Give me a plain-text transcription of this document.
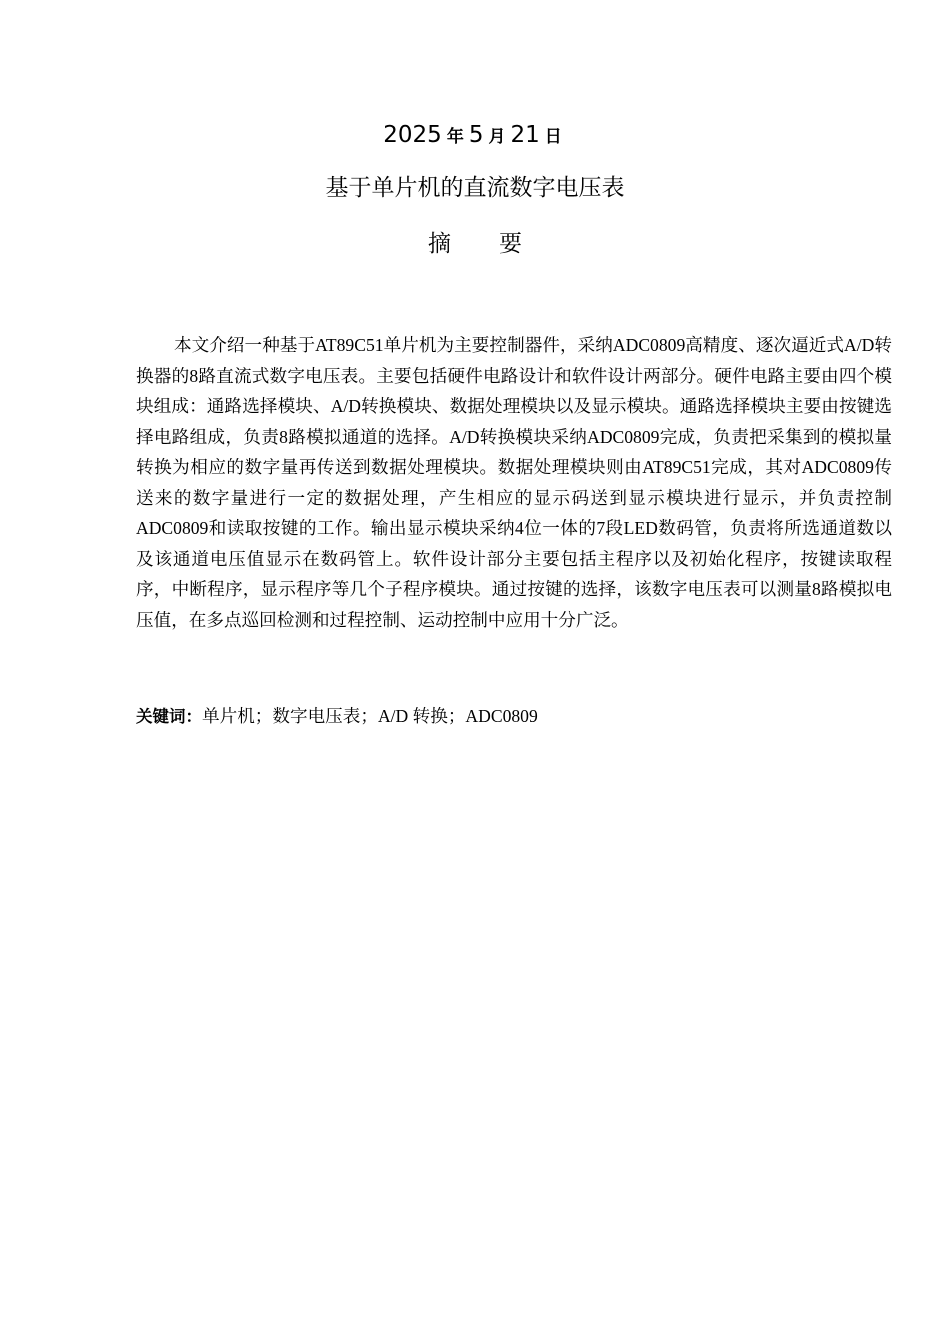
2025 年 5 月 21 日
基于单片机的直流数字电压表
摘要

本文介绍一种基于AT89C51单片机为主要控制器件，采纳ADC0809高精度、逐次逼近式A/D转换器的8路直流式数字电压表。主要包括硬件电路设计和软件设计两部分。硬件电路主要由四个模块组成：通路选择模块、A/D转换模块、数据处理模块以及显示模块。通路选择模块主要由按键选择电路组成，负责8路模拟通道的选择。A/D转换模块采纳ADC0809完成，负责把采集到的模拟量转换为相应的数字量再传送到数据处理模块。数据处理模块则由AT89C51完成，其对ADC0809传送来的数字量进行一定的数据处理，产生相应的显示码送到显示模块进行显示，并负责控制ADC0809和读取按键的工作。输出显示模块采纳4位一体的7段LED数码管，负责将所选通道数以及该通道电压值显示在数码管上。软件设计部分主要包括主程序以及初始化程序，按键读取程序，中断程序，显示程序等几个子程序模块。通过按键的选择，该数字电压表可以测量8路模拟电压值，在多点巡回检测和过程控制、运动控制中应用十分广泛。

关键词：单片机；数字电压表；A/D 转换；ADC0809
